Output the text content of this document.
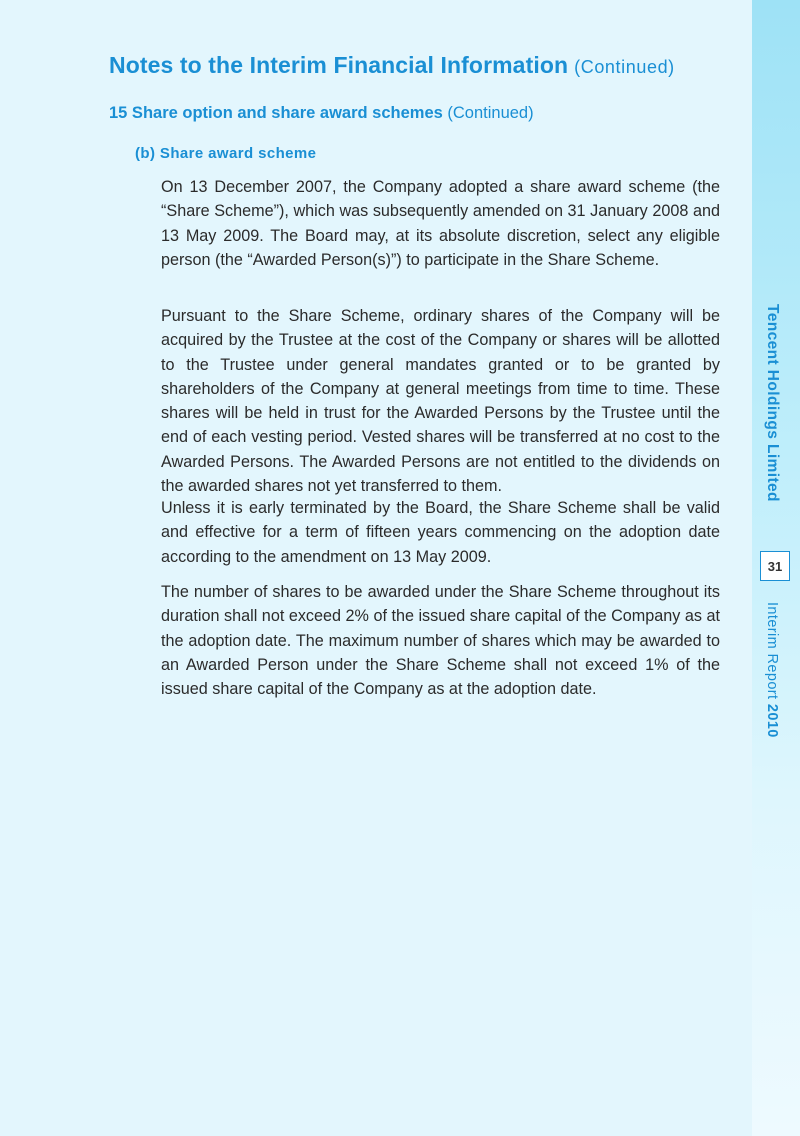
Notes to the Interim Financial Information (Continued)
15 Share option and share award schemes (Continued)
(b) Share award scheme

On 13 December 2007, the Company adopted a share award scheme (the “Share Scheme”), which was subsequently amended on 31 January 2008 and 13 May 2009. The Board may, at its absolute discretion, select any eligible person (the “Awarded Person(s)”) to participate in the Share Scheme.

Pursuant to the Share Scheme, ordinary shares of the Company will be acquired by the Trustee at the cost of the Company or shares will be allotted to the Trustee under general mandates granted or to be granted by shareholders of the Company at general meetings from time to time. These shares will be held in trust for the Awarded Persons by the Trustee until the end of each vesting period. Vested shares will be transferred at no cost to the Awarded Persons. The Awarded Persons are not entitled to the dividends on the awarded shares not yet transferred to them.

Unless it is early terminated by the Board, the Share Scheme shall be valid and effective for a term of fifteen years commencing on the adoption date according to the amendment on 13 May 2009.

The number of shares to be awarded under the Share Scheme throughout its duration shall not exceed 2% of the issued share capital of the Company as at the adoption date. The maximum number of shares which may be awarded to an Awarded Person under the Share Scheme shall not exceed 1% of the issued share capital of the Company as at the adoption date.

Tencent Holdings Limited
31
Interim Report 2010
